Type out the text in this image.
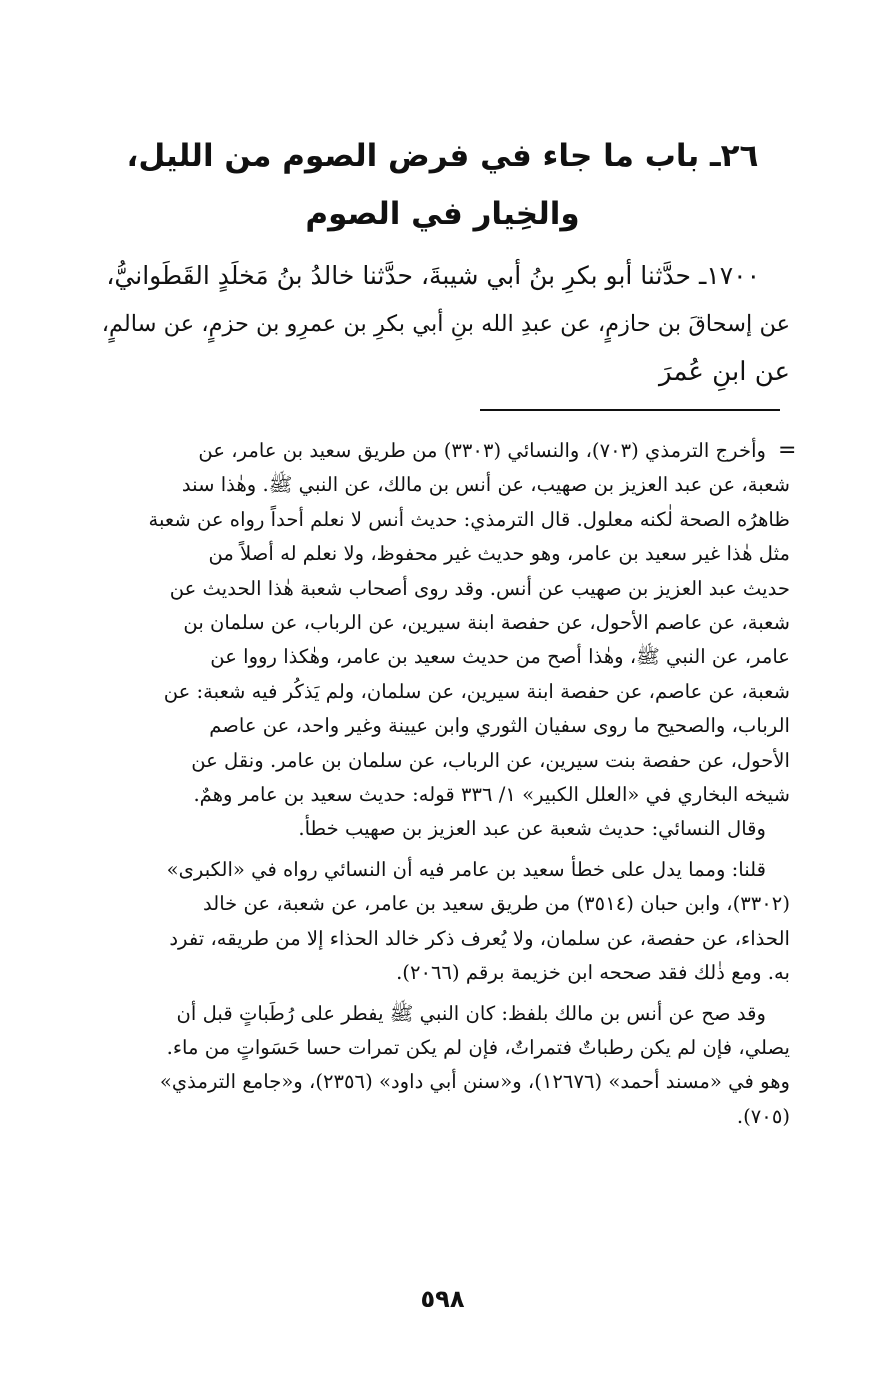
٢٦ـ باب ما جاء في فرض الصوم من الليل،
والخِيار في الصوم

١٧٠٠ـ حدَّثنا أبو بكرِ بنُ أبي شيبةَ، حدَّثنا خالدُ بنُ مَخلَدٍ القَطَوانيُّ،

عن إسحاقَ بن حازمٍ، عن عبدِ الله بنِ أبي بكرِ بن عمرِو بن حزمٍ، عن سالمٍ،

عن ابنِ عُمرَ

=

وأخرج الترمذي (٧٠٣)، والنسائي (٣٣٠٣) من طريق سعيد بن عامر، عن

شعبة، عن عبد العزيز بن صهيب، عن أنس بن مالك، عن النبي ﷺ. وهٰذا سند

ظاهرُه الصحة لٰكنه معلول. قال الترمذي: حديث أنس لا نعلم أحداً رواه عن شعبة

مثل هٰذا غير سعيد بن عامر، وهو حديث غير محفوظ، ولا نعلم له أصلاً من

حديث عبد العزيز بن صهيب عن أنس. وقد روى أصحاب شعبة هٰذا الحديث عن

شعبة، عن عاصم الأحول، عن حفصة ابنة سيرين، عن الرباب، عن سلمان بن

عامر، عن النبي ﷺ، وهٰذا أصح من حديث سعيد بن عامر، وهٰكذا رووا عن

شعبة، عن عاصم، عن حفصة ابنة سيرين، عن سلمان، ولم يَذكُر فيه شعبة: عن

الرباب، والصحيح ما روى سفيان الثوري وابن عيينة وغير واحد، عن عاصم

الأحول، عن حفصة بنت سيرين، عن الرباب، عن سلمان بن عامر. ونقل عن

شيخه البخاري في «العلل الكبير» ١/ ٣٣٦ قوله: حديث سعيد بن عامر وهمٌ.

وقال النسائي: حديث شعبة عن عبد العزيز بن صهيب خطأ.

قلنا: ومما يدل على خطأ سعيد بن عامر فيه أن النسائي رواه في «الكبرى»

(٣٣٠٢)، وابن حبان (٣٥١٤) من طريق سعيد بن عامر، عن شعبة، عن خالد

الحذاء، عن حفصة، عن سلمان، ولا يُعرف ذكر خالد الحذاء إلا من طريقه، تفرد

به. ومع ذٰلك فقد صححه ابن خزيمة برقم (٢٠٦٦).

وقد صح عن أنس بن مالك بلفظ: كان النبي ﷺ يفطر على رُطَباتٍ قبل أن

يصلي، فإن لم يكن رطباتٌ فتمراتٌ، فإن لم يكن تمرات حسا حَسَواتٍ من ماء.

وهو في «مسند أحمد» (١٢٦٧٦)، و«سنن أبي داود» (٢٣٥٦)، و«جامع الترمذي»

(٧٠٥).

٥٩٨
